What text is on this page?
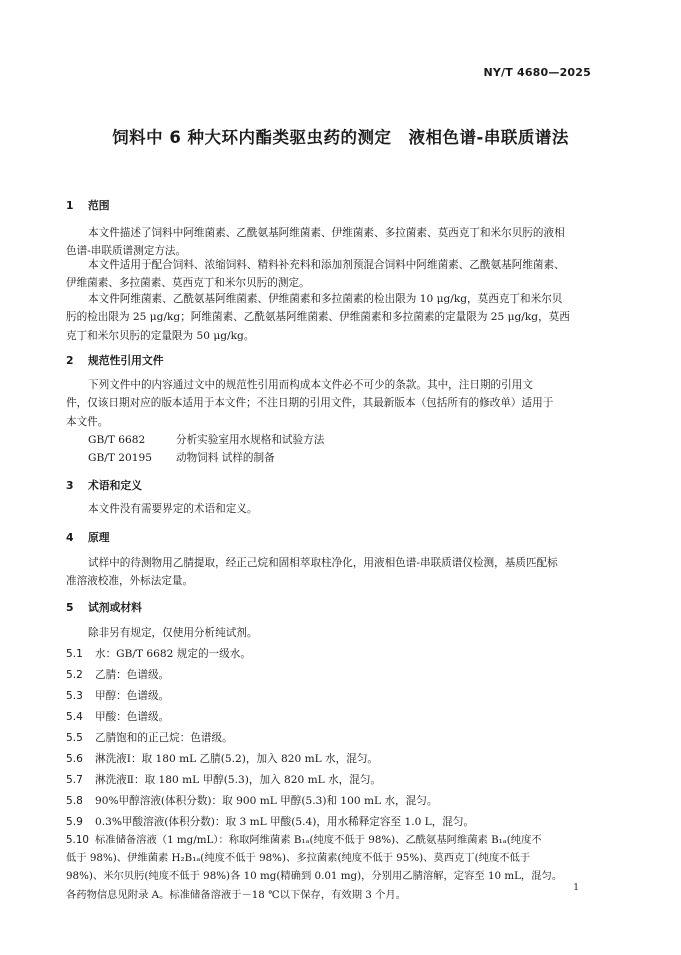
NY/T 4680—2025
饲料中 6 种大环内酯类驱虫药的测定　液相色谱-串联质谱法
1 范围
本文件描述了饲料中阿维菌素、乙酰氨基阿维菌素、伊维菌素、多拉菌素、莫西克丁和米尔贝肟的液相
色谱-串联质谱测定方法。
本文件适用于配合饲料、浓缩饲料、精料补充料和添加剂预混合饲料中阿维菌素、乙酰氨基阿维菌素、
伊维菌素、多拉菌素、莫西克丁和米尔贝肟的测定。
本文件阿维菌素、乙酰氨基阿维菌素、伊维菌素和多拉菌素的检出限为 10 μg/kg，莫西克丁和米尔贝
肟的检出限为 25 μg/kg；阿维菌素、乙酰氨基阿维菌素、伊维菌素和多拉菌素的定量限为 25 μg/kg，莫西
克丁和米尔贝肟的定量限为 50 μg/kg。
2 规范性引用文件
下列文件中的内容通过文中的规范性引用而构成本文件必不可少的条款。其中，注日期的引用文
件，仅该日期对应的版本适用于本文件；不注日期的引用文件，其最新版本（包括所有的修改单）适用于
本文件。
GB/T 6682	分析实验室用水规格和试验方法
GB/T 20195 动物饲料 试样的制备
3 术语和定义
本文件没有需要界定的术语和定义。
4 原理
试样中的待测物用乙腈提取，经正己烷和固相萃取柱净化，用液相色谱-串联质谱仪检测，基质匹配标
准溶液校准，外标法定量。
5 试剂或材料
除非另有规定，仅使用分析纯试剂。
5.1 水：GB/T 6682 规定的一级水。
5.2 乙腈：色谱级。
5.3 甲醇：色谱级。
5.4 甲酸：色谱级。
5.5 乙腈饱和的正己烷：色谱级。
5.6 淋洗液Ⅰ：取 180 mL 乙腈(5.2)，加入 820 mL 水，混匀。
5.7 淋洗液Ⅱ：取 180 mL 甲醇(5.3)，加入 820 mL 水，混匀。
5.8 90%甲醇溶液(体积分数)：取 900 mL 甲醇(5.3)和 100 mL 水，混匀。
5.9 0.3%甲酸溶液(体积分数)：取 3 mL 甲酸(5.4)，用水稀释定容至 1.0 L，混匀。
5.10 标准储备溶液（1 mg/mL）：称取阿维菌素 B₁ₐ(纯度不低于 98%)、乙酰氨基阿维菌素 B₁ₐ(纯度不
低于 98%)、伊维菌素 H₂B₁ₐ(纯度不低于 98%)、多拉菌素(纯度不低于 95%)、莫西克丁(纯度不低于
98%)、米尔贝肟(纯度不低于 98%)各 10 mg(精确到 0.01 mg)，分别用乙腈溶解，定容至 10 mL，混匀。
各药物信息见附录 A。标准储备溶液于－18 ℃以下保存，有效期 3 个月。
1
